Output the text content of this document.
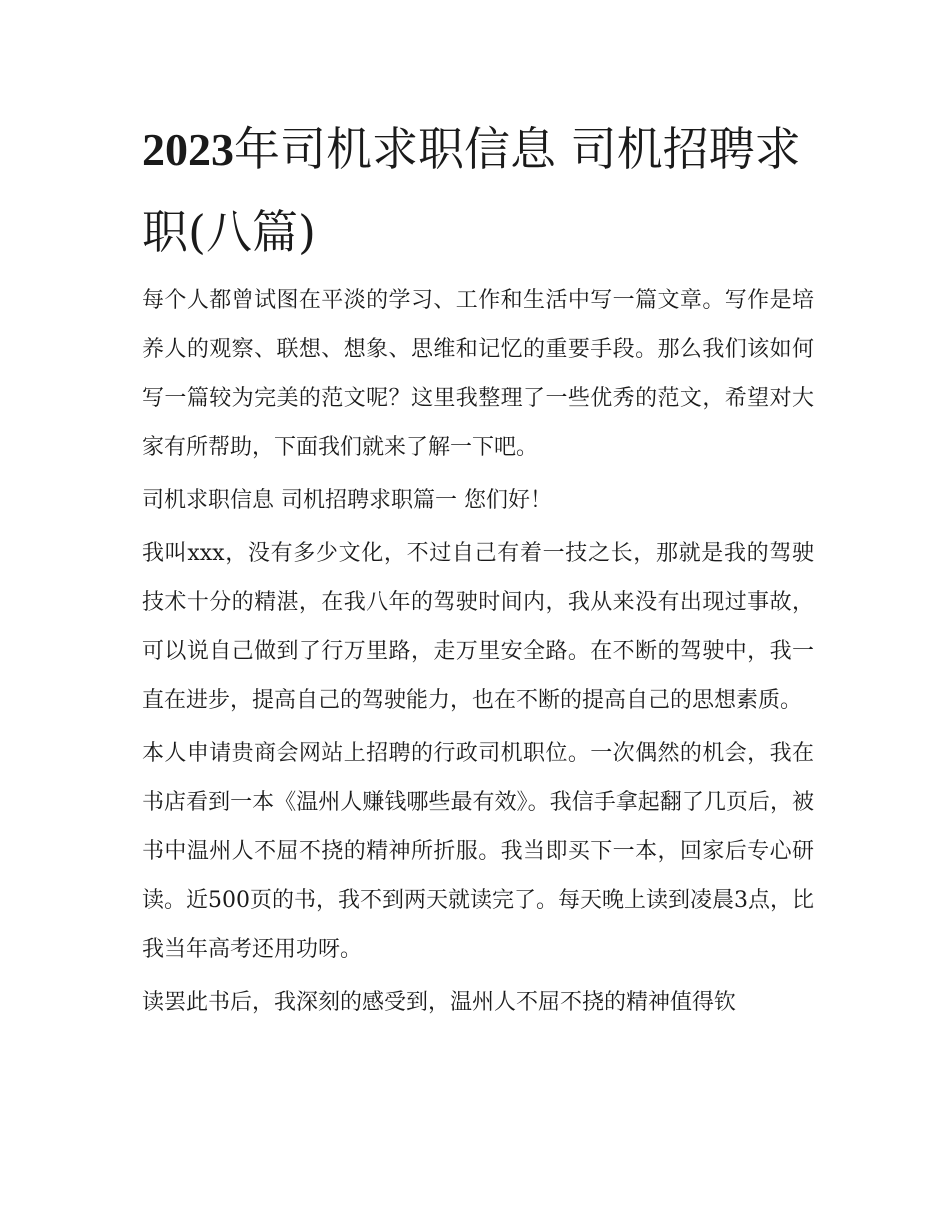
2023年司机求职信息 司机招聘求职(八篇)

每个人都曾试图在平淡的学习、工作和生活中写一篇文章。写作是培养人的观察、联想、想象、思维和记忆的重要手段。那么我们该如何写一篇较为完美的范文呢？这里我整理了一些优秀的范文，希望对大家有所帮助，下面我们就来了解一下吧。

司机求职信息 司机招聘求职篇一 您们好！

我叫xxx，没有多少文化，不过自己有着一技之长，那就是我的驾驶技术十分的精湛，在我八年的驾驶时间内，我从来没有出现过事故，可以说自己做到了行万里路，走万里安全路。在不断的驾驶中，我一直在进步，提高自己的驾驶能力，也在不断的提高自己的思想素质。

本人申请贵商会网站上招聘的行政司机职位。一次偶然的机会，我在书店看到一本《温州人赚钱哪些最有效》。我信手拿起翻了几页后，被书中温州人不屈不挠的精神所折服。我当即买下一本，回家后专心研读。近500页的书，我不到两天就读完了。每天晚上读到凌晨3点，比我当年高考还用功呀。

读罢此书后，我深刻的感受到，温州人不屈不挠的精神值得钦
